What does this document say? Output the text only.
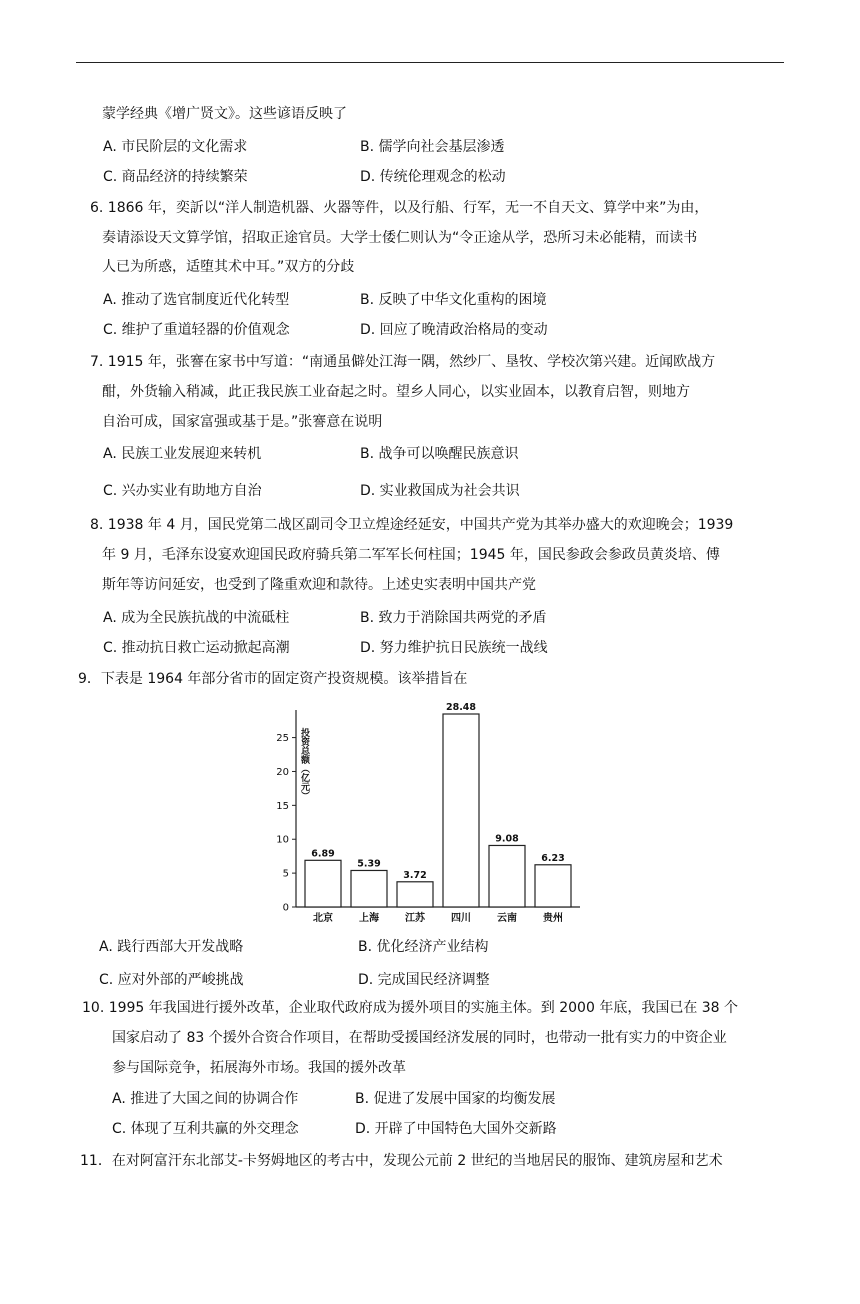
蒙学经典《增广贤文》。这些谚语反映了
A. 市民阶层的文化需求	B. 儒学向社会基层渗透
C. 商品经济的持续繁荣	D. 传统伦理观念的松动
6. 1866 年，奕訢以“洋人制造机器、火器等件，以及行船、行军，无一不自天文、算学中来”为由，
奏请添设天文算学馆，招取正途官员。大学士倭仁则认为“令正途从学，恐所习未必能精，而读书
人已为所惑，适堕其术中耳。”双方的分歧
A. 推动了选官制度近代化转型	B. 反映了中华文化重构的困境
C. 维护了重道轻器的价值观念	D. 回应了晚清政治格局的变动
7. 1915 年，张謇在家书中写道：“南通虽僻处江海一隅，然纱厂、垦牧、学校次第兴建。近闻欧战方
酣，外货输入稍减，此正我民族工业奋起之时。望乡人同心，以实业固本，以教育启智，则地方
自治可成，国家富强或基于是。”张謇意在说明
A. 民族工业发展迎来转机	B. 战争可以唤醒民族意识
C. 兴办实业有助地方自治	D. 实业救国成为社会共识
8. 1938 年 4 月，国民党第二战区副司令卫立煌途经延安，中国共产党为其举办盛大的欢迎晚会；1939
年 9 月，毛泽东设宴欢迎国民政府骑兵第二军军长何柱国；1945 年，国民参政会参政员黄炎培、傅
斯年等访问延安，也受到了隆重欢迎和款待。上述史实表明中国共产党
A. 成为全民族抗战的中流砥柱	B. 致力于消除国共两党的矛盾
C. 推动抗日救亡运动掀起高潮	D. 努力维护抗日民族统一战线
9．下表是 1964 年部分省市的固定资产投资规模。该举措旨在
0
5
10
15
20
25
6.89
北京
5.39
上海
3.72
江苏
28.48
四川
9.08
云南
6.23
贵州
投资总额（亿元）
A. 践行西部大开发战略	B. 优化经济产业结构
C. 应对外部的严峻挑战	D. 完成国民经济调整
10. 1995 年我国进行援外改革，企业取代政府成为援外项目的实施主体。到 2000 年底，我国已在 38 个
国家启动了 83 个援外合资合作项目，在帮助受援国经济发展的同时，也带动一批有实力的中资企业
参与国际竞争，拓展海外市场。我国的援外改革
A. 推进了大国之间的协调合作	B. 促进了发展中国家的均衡发展
C. 体现了互利共赢的外交理念	D. 开辟了中国特色大国外交新路
11．在对阿富汗东北部艾-卡努姆地区的考古中，发现公元前 2 世纪的当地居民的服饰、建筑房屋和艺术
